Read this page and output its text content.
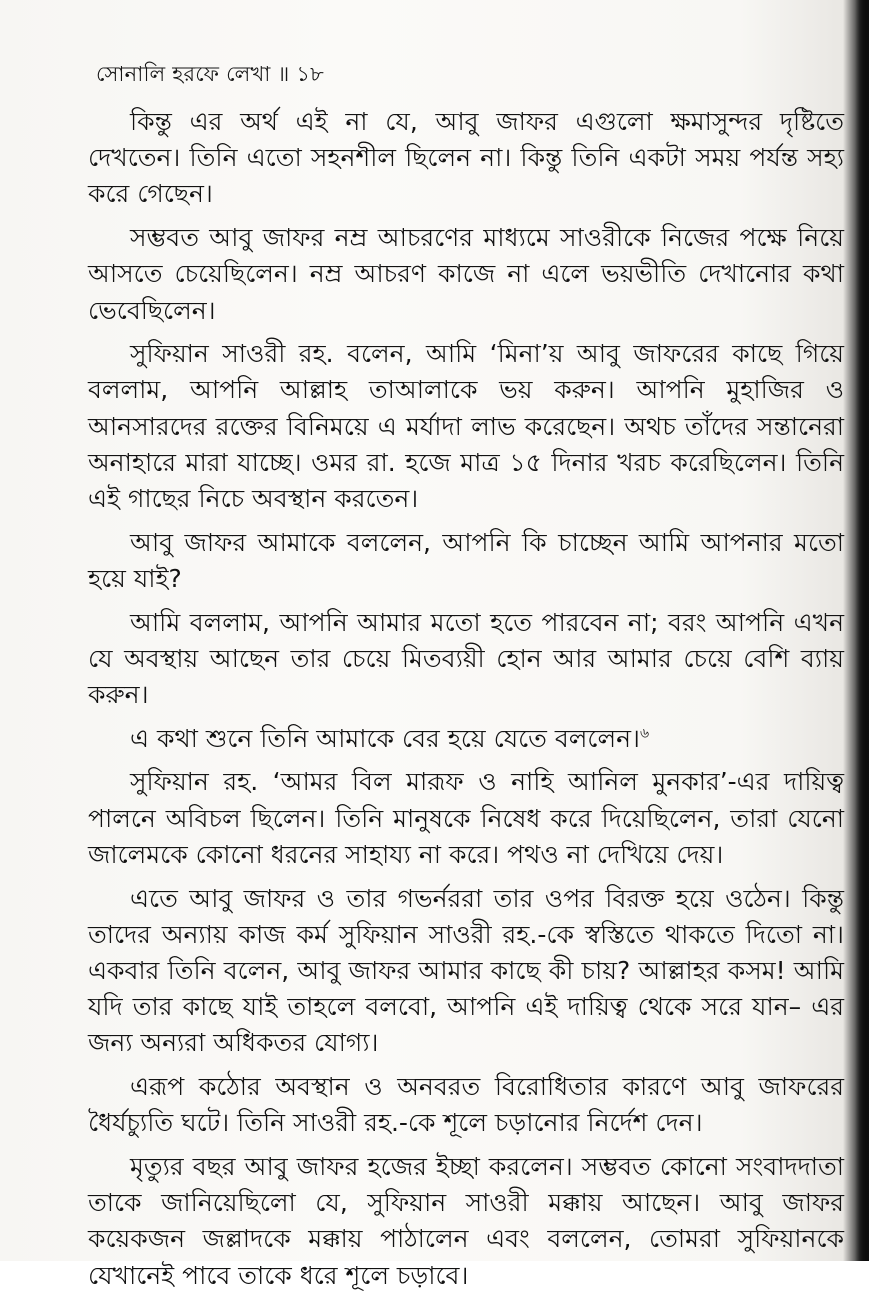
সোনালি হরফে লেখা ॥ ১৮

কিন্তু এর অর্থ এই না যে, আবু জাফর এগুলো ক্ষমাসুন্দর দৃষ্টিতে দেখতেন। তিনি এতো সহনশীল ছিলেন না। কিন্তু তিনি একটা সময় পর্যন্ত সহ্য করে গেছেন।

সম্ভবত আবু জাফর নম্র আচরণের মাধ্যমে সাওরীকে নিজের পক্ষে নিয়ে আসতে চেয়েছিলেন। নম্র আচরণ কাজে না এলে ভয়ভীতি দেখানোর কথা ভেবেছিলেন।

সুফিয়ান সাওরী রহ. বলেন, আমি ‘মিনা’য় আবু জাফরের কাছে গিয়ে বললাম, আপনি আল্লাহ তাআলাকে ভয় করুন। আপনি মুহাজির ও আনসারদের রক্তের বিনিময়ে এ মর্যাদা লাভ করেছেন। অথচ তাঁদের সন্তানেরা অনাহারে মারা যাচ্ছে। ওমর রা. হজে মাত্র ১৫ দিনার খরচ করেছিলেন। তিনি এই গাছের নিচে অবস্থান করতেন।

আবু জাফর আমাকে বললেন, আপনি কি চাচ্ছেন আমি আপনার মতো হয়ে যাই?

আমি বললাম, আপনি আমার মতো হতে পারবেন না; বরং আপনি এখন যে অবস্থায় আছেন তার চেয়ে মিতব্যয়ী হোন আর আমার চেয়ে বেশি ব্যায় করুন।

এ কথা শুনে তিনি আমাকে বের হয়ে যেতে বললেন।$^৬$

সুফিয়ান রহ. ‘আমর বিল মারূফ ও নাহি আনিল মুনকার’-এর দায়িত্ব পালনে অবিচল ছিলেন। তিনি মানুষকে নিষেধ করে দিয়েছিলেন, তারা যেনো জালেমকে কোনো ধরনের সাহায্য না করে। পথও না দেখিয়ে দেয়।

এতে আবু জাফর ও তার গভর্নররা তার ওপর বিরক্ত হয়ে ওঠেন। কিন্তু তাদের অন্যায় কাজ কর্ম সুফিয়ান সাওরী রহ.-কে স্বস্তিতে থাকতে দিতো না। একবার তিনি বলেন, আবু জাফর আমার কাছে কী চায়? আল্লাহর কসম! আমি যদি তার কাছে যাই তাহলে বলবো, আপনি এই দায়িত্ব থেকে সরে যান– এর জন্য অন্যরা অধিকতর যোগ্য।

এরূপ কঠোর অবস্থান ও অনবরত বিরোধিতার কারণে আবু জাফরের ধৈর্যচ্যুতি ঘটে। তিনি সাওরী রহ.-কে শূলে চড়ানোর নির্দেশ দেন।

মৃত্যুর বছর আবু জাফর হজের ইচ্ছা করলেন। সম্ভবত কোনো সংবাদদাতা তাকে জানিয়েছিলো যে, সুফিয়ান সাওরী মক্কায় আছেন। আবু জাফর কয়েকজন জল্লাদকে মক্কায় পাঠালেন এবং বললেন, তোমরা সুফিয়ানকে যেখানেই পাবে তাকে ধরে শূলে চড়াবে।
